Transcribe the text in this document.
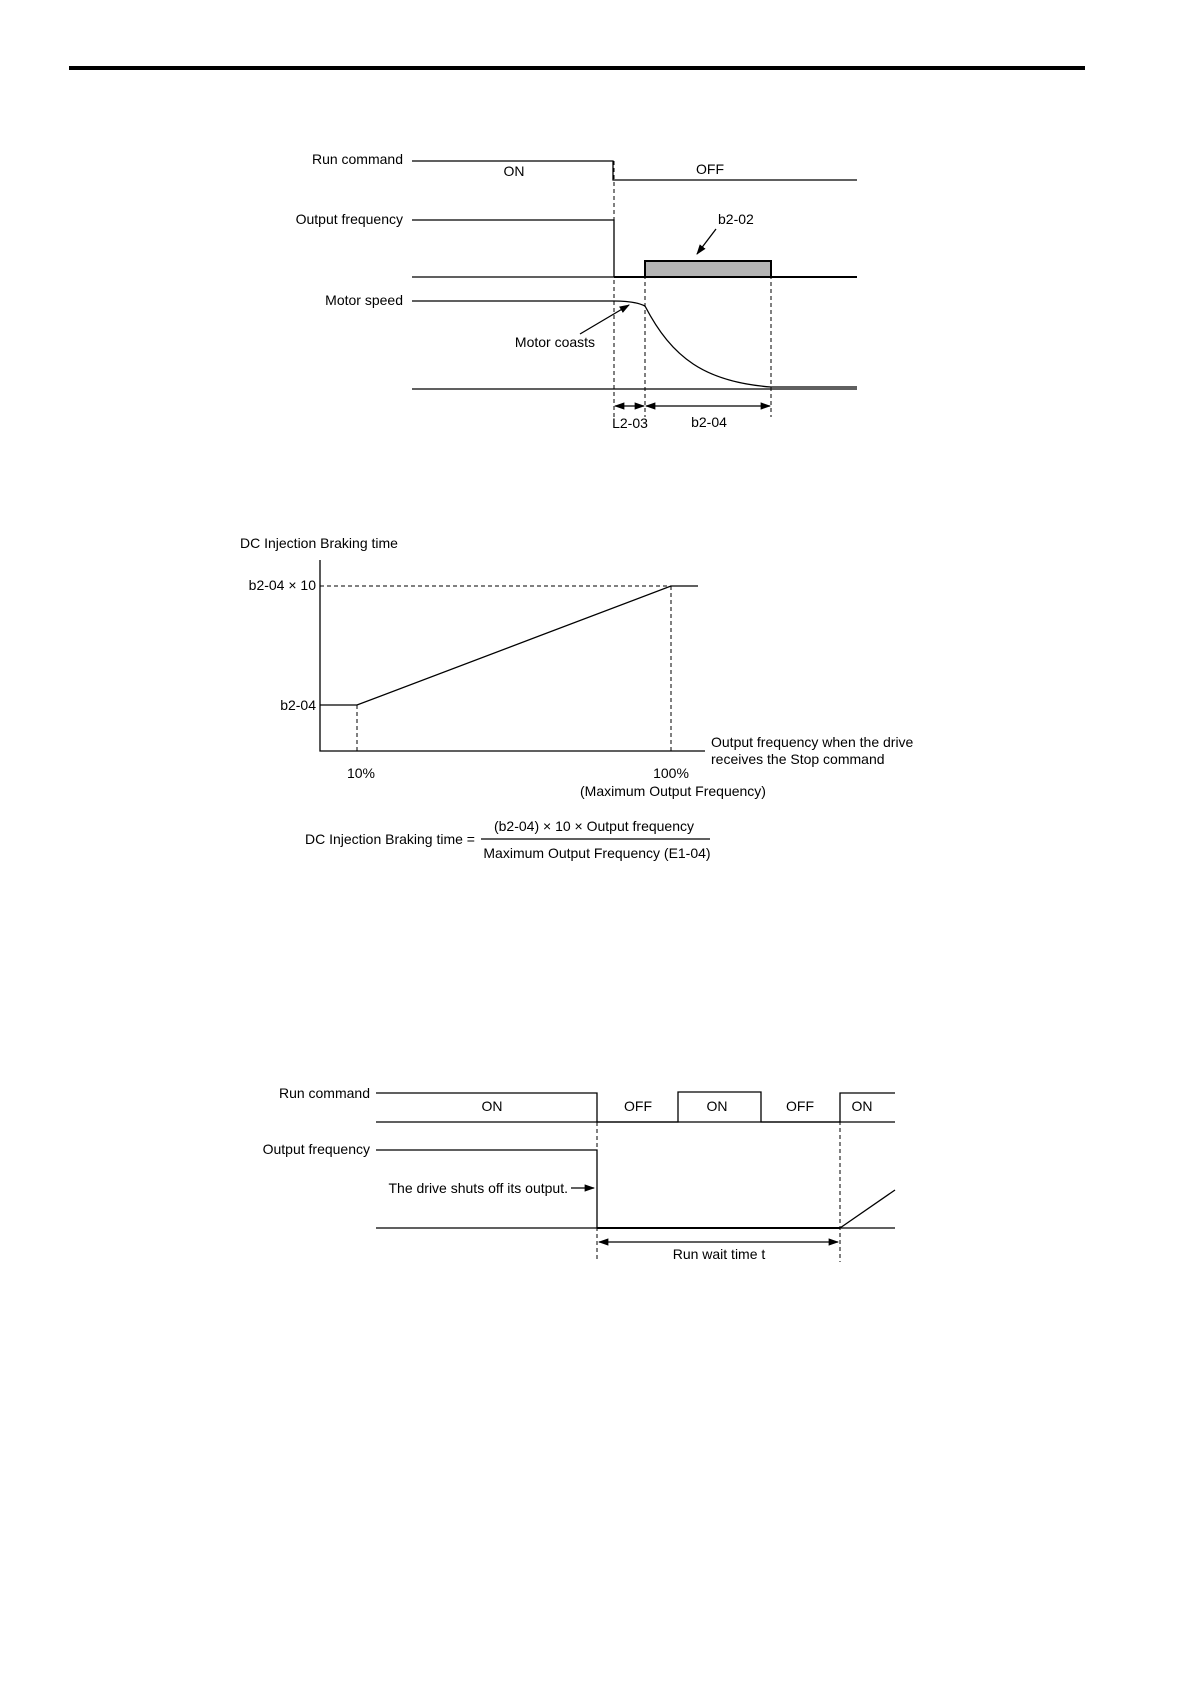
Run command
ON	OFF
Output frequency	b2-02
Motor speed
Motor coasts
L2-03	b2-04
DC Injection Braking time
b2-04 × 10
b2-04
10%	100%
(Maximum Output Frequency)
Output frequency when the drive
receives the Stop command
DC Injection Braking time =
(b2-04) × 10 × Output frequency
Maximum Output Frequency (E1-04)
Run command
ON	OFF	ON	OFF	ON
Output frequency
The drive shuts off its output.
Run wait time t
